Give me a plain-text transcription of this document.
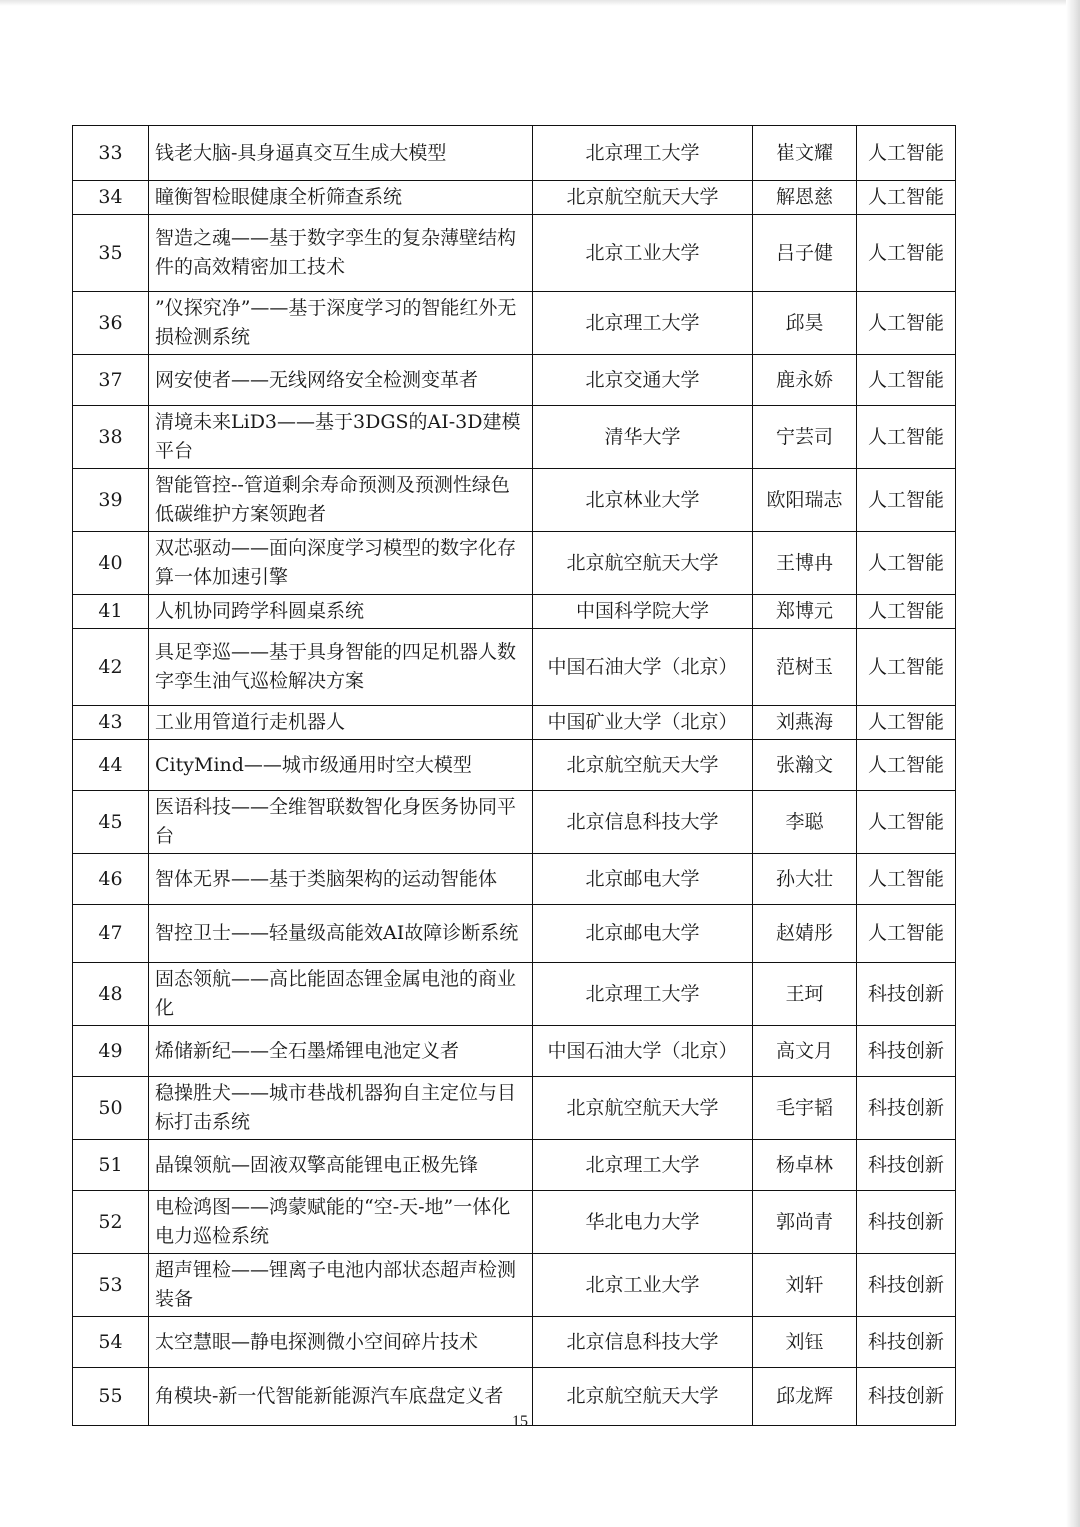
33	钱老大脑-具身逼真交互生成大模型	北京理工大学	崔文耀	人工智能
34	瞳衡智检眼健康全析筛查系统	北京航空航天大学	解恩慈	人工智能
35	智造之魂——基于数字孪生的复杂薄壁结构件的高效精密加工技术	北京工业大学	吕子健	人工智能
36	”仪探究净”——基于深度学习的智能红外无损检测系统	北京理工大学	邱昊	人工智能
37	网安使者——无线网络安全检测变革者	北京交通大学	鹿永娇	人工智能
38	清境未来LiD3——基于3DGS的AI-3D建模平台	清华大学	宁芸司	人工智能
39	智能管控--管道剩余寿命预测及预测性绿色低碳维护方案领跑者	北京林业大学	欧阳瑞志	人工智能
40	双芯驱动——面向深度学习模型的数字化存算一体加速引擎	北京航空航天大学	王博冉	人工智能
41	人机协同跨学科圆桌系统	中国科学院大学	郑博元	人工智能
42	具足孪巡——基于具身智能的四足机器人数字孪生油气巡检解决方案	中国石油大学（北京）	范树玉	人工智能
43	工业用管道行走机器人	中国矿业大学（北京）	刘燕海	人工智能
44	CityMind——城市级通用时空大模型	北京航空航天大学	张瀚文	人工智能
45	医语科技——全维智联数智化身医务协同平台	北京信息科技大学	李聪	人工智能
46	智体无界——基于类脑架构的运动智能体	北京邮电大学	孙大壮	人工智能
47	智控卫士——轻量级高能效AI故障诊断系统	北京邮电大学	赵婧彤	人工智能
48	固态领航——高比能固态锂金属电池的商业化	北京理工大学	王珂	科技创新
49	烯储新纪——全石墨烯锂电池定义者	中国石油大学（北京）	高文月	科技创新
50	稳操胜犬——城市巷战机器狗自主定位与目标打击系统	北京航空航天大学	毛宇韬	科技创新
51	晶镍领航—固液双擎高能锂电正极先锋	北京理工大学	杨卓林	科技创新
52	电检鸿图——鸿蒙赋能的“空-天-地”一体化电力巡检系统	华北电力大学	郭尚青	科技创新
53	超声锂检——锂离子电池内部状态超声检测装备	北京工业大学	刘轩	科技创新
54	太空慧眼—静电探测微小空间碎片技术	北京信息科技大学	刘钰	科技创新
55	角模块-新一代智能新能源汽车底盘定义者	北京航空航天大学	邱龙辉	科技创新
15
